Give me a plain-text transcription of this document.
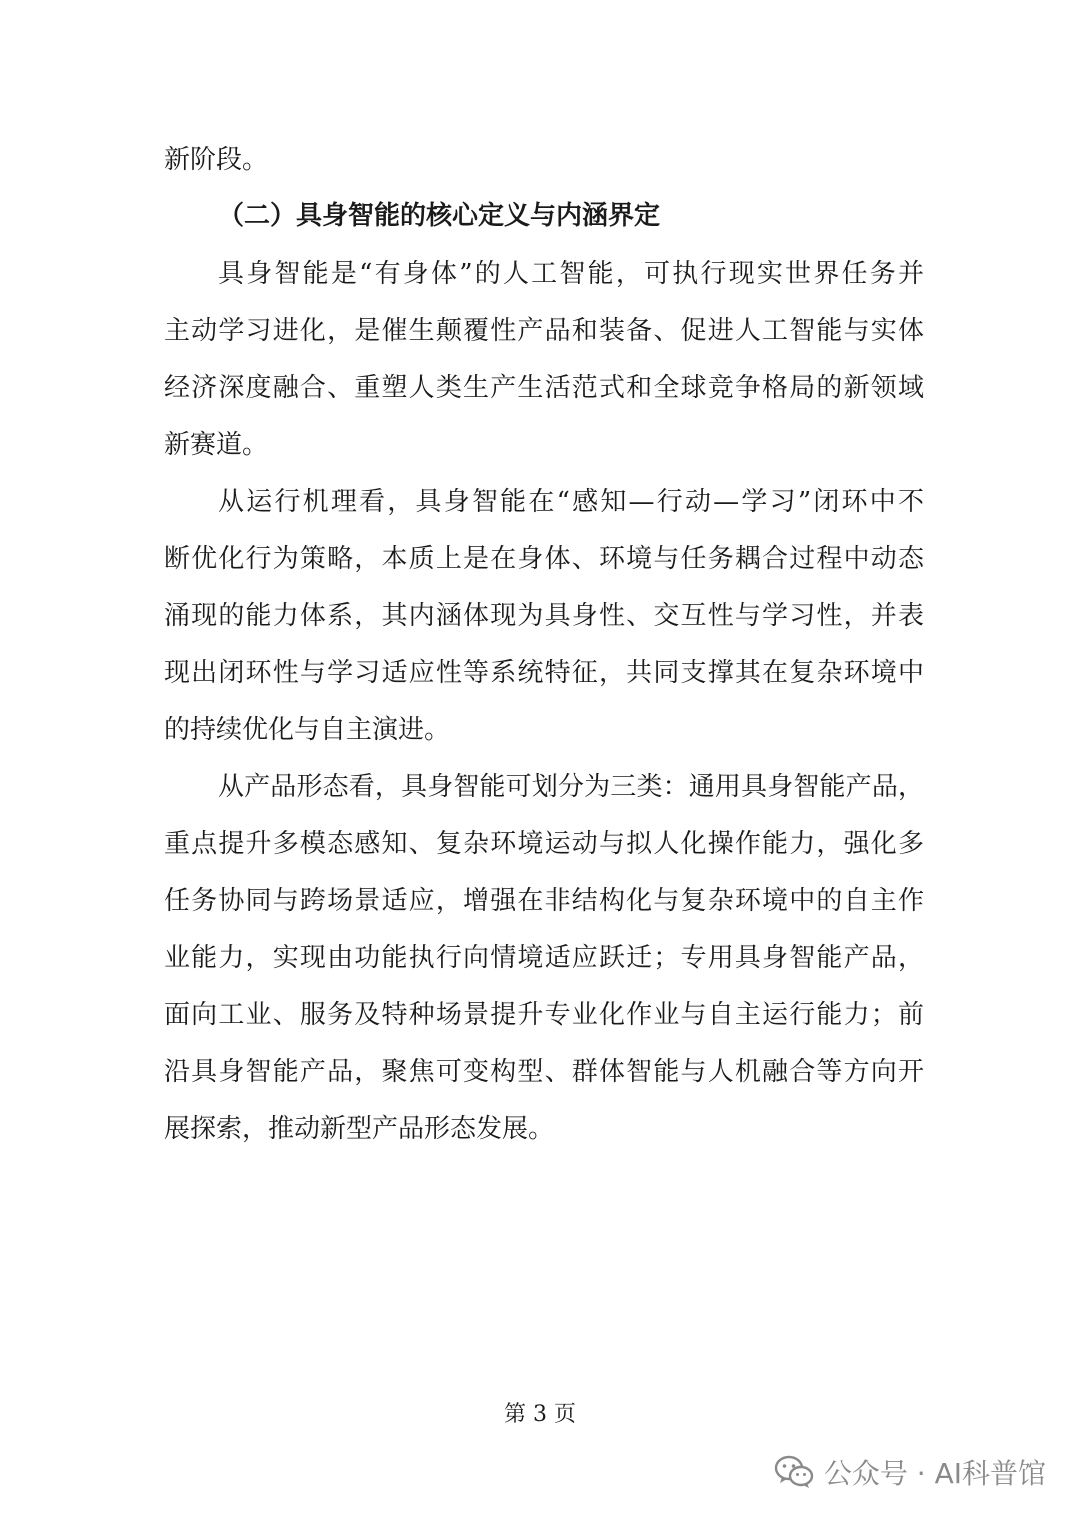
新阶段。
（二）具身智能的核心定义与内涵界定
具身智能是“有身体”的人工智能，可执行现实世界任务并
主动学习进化，是催生颠覆性产品和装备、促进人工智能与实体
经济深度融合、重塑人类生产生活范式和全球竞争格局的新领域
新赛道。
从运行机理看，具身智能在“感知—行动—学习”闭环中不
断优化行为策略，本质上是在身体、环境与任务耦合过程中动态
涌现的能力体系，其内涵体现为具身性、交互性与学习性，并表
现出闭环性与学习适应性等系统特征，共同支撑其在复杂环境中
的持续优化与自主演进。
从产品形态看，具身智能可划分为三类：通用具身智能产品，
重点提升多模态感知、复杂环境运动与拟人化操作能力，强化多
任务协同与跨场景适应，增强在非结构化与复杂环境中的自主作
业能力，实现由功能执行向情境适应跃迁；专用具身智能产品，
面向工业、服务及特种场景提升专业化作业与自主运行能力；前
沿具身智能产品，聚焦可变构型、群体智能与人机融合等方向开
展探索，推动新型产品形态发展。
第 3 页
公众号 · AI科普馆
